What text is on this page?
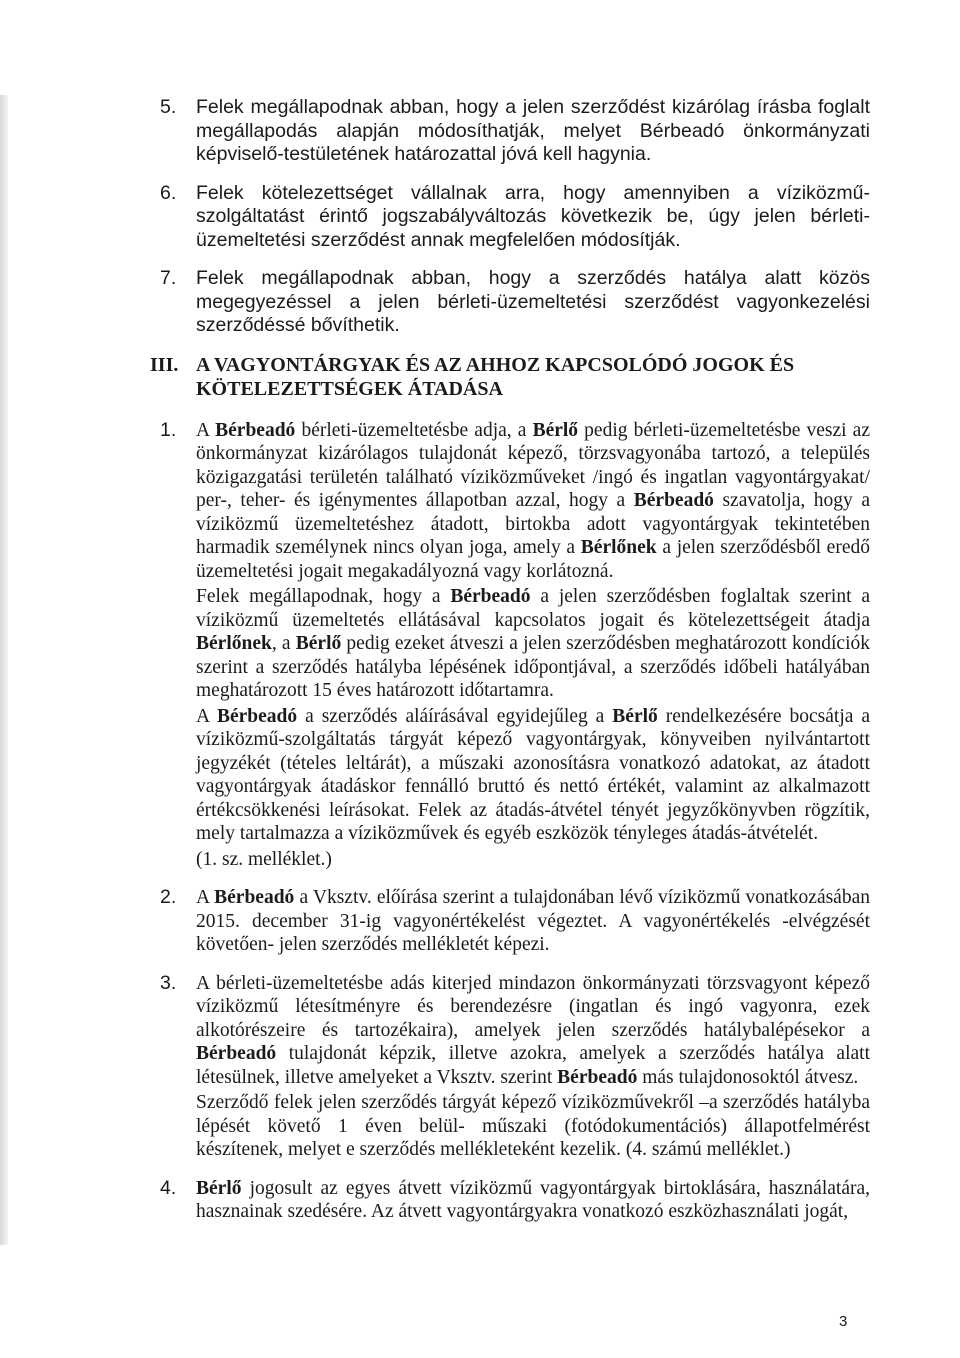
5. Felek megállapodnak abban, hogy a jelen szerződést kizárólag írásba foglalt megállapodás alapján módosíthatják, melyet Bérbeadó önkormányzati képviselő-testületének határozattal jóvá kell hagynia.

6. Felek kötelezettséget vállalnak arra, hogy amennyiben a víziközmű-szolgáltatást érintő jogszabályváltozás következik be, úgy jelen bérleti-üzemeltetési szerződést annak megfelelően módosítják.

7. Felek megállapodnak abban, hogy a szerződés hatálya alatt közös megegyezéssel a jelen bérleti-üzemeltetési szerződést vagyonkezelési szerződéssé bővíthetik.

III. A VAGYONTÁRGYAK ÉS AZ AHHOZ KAPCSOLÓDÓ JOGOK ÉS
KÖTELEZETTSÉGEK ÁTADÁSA
1. A Bérbeadó bérleti-üzemeltetésbe adja, a Bérlő pedig bérleti-üzemeltetésbe veszi az önkormányzat kizárólagos tulajdonát képező, törzsvagyonába tartozó, a település közigazgatási területén található víziközműveket /ingó és ingatlan vagyontárgyakat/ per-, teher- és igénymentes állapotban azzal, hogy a Bérbeadó szavatolja, hogy a víziközmű üzemeltetéshez átadott, birtokba adott vagyontárgyak tekintetében harmadik személynek nincs olyan joga, amely a Bérlőnek a jelen szerződésből eredő üzemeltetési jogait megakadályozná vagy korlátozná.

Felek megállapodnak, hogy a Bérbeadó a jelen szerződésben foglaltak szerint a víziközmű üzemeltetés ellátásával kapcsolatos jogait és kötelezettségeit átadja Bérlőnek, a Bérlő pedig ezeket átveszi a jelen szerződésben meghatározott kondíciók szerint a szerződés hatályba lépésének időpontjával, a szerződés időbeli hatályában meghatározott 15 éves határozott időtartamra.

A Bérbeadó a szerződés aláírásával egyidejűleg a Bérlő rendelkezésére bocsátja a víziközmű-szolgáltatás tárgyát képező vagyontárgyak, könyveiben nyilvántartott jegyzékét (tételes leltárát), a műszaki azonosításra vonatkozó adatokat, az átadott vagyontárgyak átadáskor fennálló bruttó és nettó értékét, valamint az alkalmazott értékcsökkenési leírásokat. Felek az átadás-átvétel tényét jegyzőkönyvben rögzítik, mely tartalmazza a víziközművek és egyéb eszközök tényleges átadás-átvételét.

(1. sz. melléklet.)

2. A Bérbeadó a Vksztv. előírása szerint a tulajdonában lévő víziközmű vonatkozásában 2015. december 31-ig vagyonértékelést végeztet. A vagyonértékelés -elvégzését követően- jelen szerződés mellékletét képezi.

3. A bérleti-üzemeltetésbe adás kiterjed mindazon önkormányzati törzsvagyont képező víziközmű létesítményre és berendezésre (ingatlan és ingó vagyonra, ezek alkotórészeire és tartozékaira), amelyek jelen szerződés hatálybalépésekor a Bérbeadó tulajdonát képzik, illetve azokra, amelyek a szerződés hatálya alatt létesülnek, illetve amelyeket a Vksztv. szerint Bérbeadó más tulajdonosoktól átvesz.

Szerződő felek jelen szerződés tárgyát képező víziközművekről –a szerződés hatályba lépését követő 1 éven belül- műszaki (fotódokumentációs) állapotfelmérést készítenek, melyet e szerződés mellékleteként kezelik. (4. számú melléklet.)

4. Bérlő jogosult az egyes átvett víziközmű vagyontárgyak birtoklására, használatára, hasznainak szedésére. Az átvett vagyontárgyakra vonatkozó eszközhasználati jogát,

3
